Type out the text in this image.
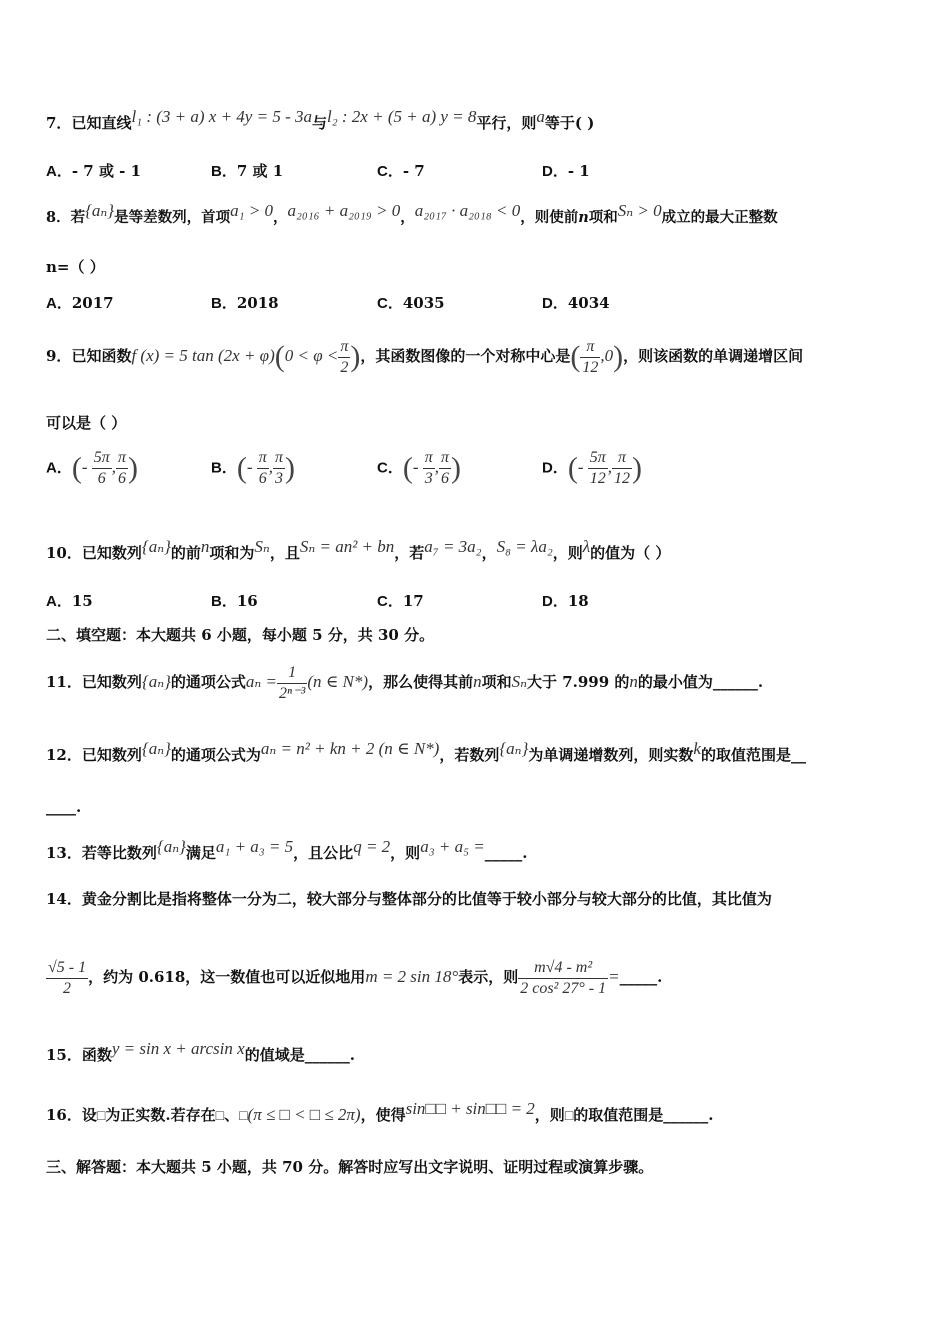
7．已知直线l₁ : (3 + a) x + 4y = 5 - 3a与l₂ : 2x + (5 + a) y = 8平行，则a等于( )
A．- 7 或 - 1	B．7 或 1	C．- 7	D．- 1
8．若{aₙ}是等差数列，首项a₁ > 0，a₂₀₁₆ + a₂₀₁₉ > 0，a₂₀₁₇ · a₂₀₁₈ < 0，则使前n项和Sₙ > 0成立的最大正整数
n=（ ）
A．2017	B．2018	C．4035	D．4034
9．已知函数f (x) = 5 $\tan (2x + \varphi)(0 < \varphi < \frac{\pi}{2}$ )，其函数图像的一个对称中心是( $\frac{\pi}{12} ,0$)，则该函数的单调递增区间
可以是（ ）
A．(- $\frac{5\pi}{6}$ , $\frac{\pi}{6}$ )	B．(- $\frac{\pi}{6}$ , $\frac{\pi}{3}$ )	C．(- $\frac{\pi}{3}$ , $\frac{\pi}{6}$ )	D．(- $\frac{5\pi}{12}$ , $\frac{\pi}{12}$ )
10．已知数列{aₙ}的前n项和为Sₙ，且Sₙ = an² + bn，若a₇ = 3a₂，S₈ = λa₂，则λ的值为（ ）
A．15	B．16	C．17	D．18
二、填空题：本大题共 6 小题，每小题 5 分，共 30 分。
11．已知数列{aₙ}的通项公式$a_n = \frac{1}{\text{2ⁿ⁻³}} (n$ ∈ N*)，那么使得其前n项和Sₙ大于 7.999 的n的最小值为______.
12．已知数列{aₙ}的通项公式为aₙ = n² + kn + 2 (n ∈ N*)，若数列{aₙ}为单调递增数列，则实数k的取值范围是__
____.
13．若等比数列{aₙ}满足a₁ + a₃ = 5，且公比q = 2，则a₃ + a₅ =_____.
14．黄金分割比是指将整体一分为二，较大部分与整体部分的比值等于较小部分与较大部分的比值，其比值为
$\frac{√5 - 1}{2}$ ，约为 0.618，这一数值也可以近似地用m = 2 sin 18°表示，则 $\frac{\text{m√4 - m²}}{\text{2 cos² 27° - 1}}$ =_____.
15．函数y = sin x + arcsin x的值域是______.
16．设□为正实数.若存在□、□(π ≤ □ < □ ≤ 2π)，使得sin□□ + sin□□ = 2，则□的取值范围是______.
三、解答题：本大题共 5 小题，共 70 分。解答时应写出文字说明、证明过程或演算步骤。
